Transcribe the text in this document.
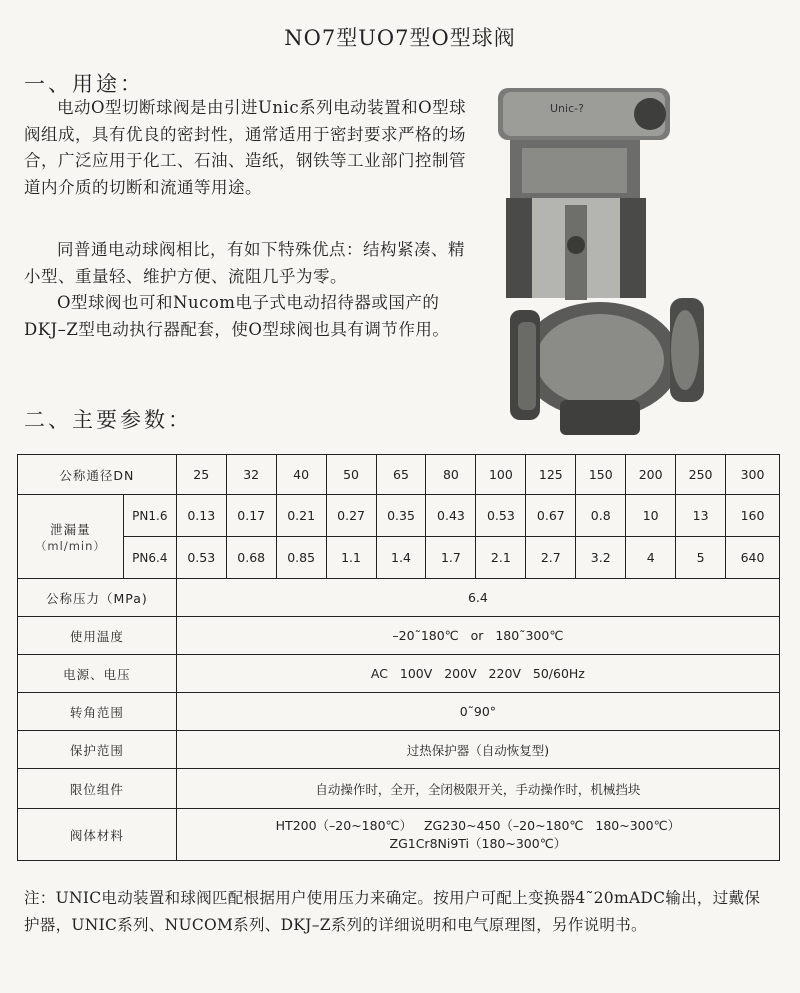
NO7型UO7型O型球阀
一、用途：

电动O型切断球阀是由引进Unic系列电动装置和O型球阀组成，具有优良的密封性，通常适用于密封要求严格的场合，广泛应用于化工、石油、造纸，钢铁等工业部门控制管道内介质的切断和流通等用途。

同普通电动球阀相比，有如下特殊优点：结构紧凑、精小型、重量轻、维护方便、流阻几乎为零。

O型球阀也可和Nucom电子式电动招待器或国产的DKJ–Z型电动执行器配套，使O型球阀也具有调节作用。

Unic-?
二、主要参数：
公称通径DN		25	32	40	50	65	80	100	125	150	200	250	300

泄漏量
（ml/min）	PN1.6	0.13	0.17	0.21	0.27	0.35	0.43	0.53	0.67	0.8	10	13	160
	PN6.4	0.53	0.68	0.85	1.1	1.4	1.7	2.1	2.7	3.2	4	5	640
公称压力（MPa)		6.4											
使用温度		–20˜180℃   or   180˜300℃											
电源、电压		AC   100V   200V   220V   50/60Hz											
转角范围		0˜90°											
保护范围		过热保护器（自动恢复型)											
限位组件		自动操作时，全开，全闭极限开关，手动操作时，机械挡块											
阀体材料		HT200（–20~180℃）   ZG230~450（–20~180℃   180~300℃）
ZG1Cr8Ni9Ti（180~300℃）											

注：UNIC电动装置和球阀匹配根据用户使用压力来确定。按用户可配上变换器4˜20mADC输出，过戴保护器，UNIC系列、NUCOM系列、DKJ–Z系列的详细说明和电气原理图，另作说明书。
